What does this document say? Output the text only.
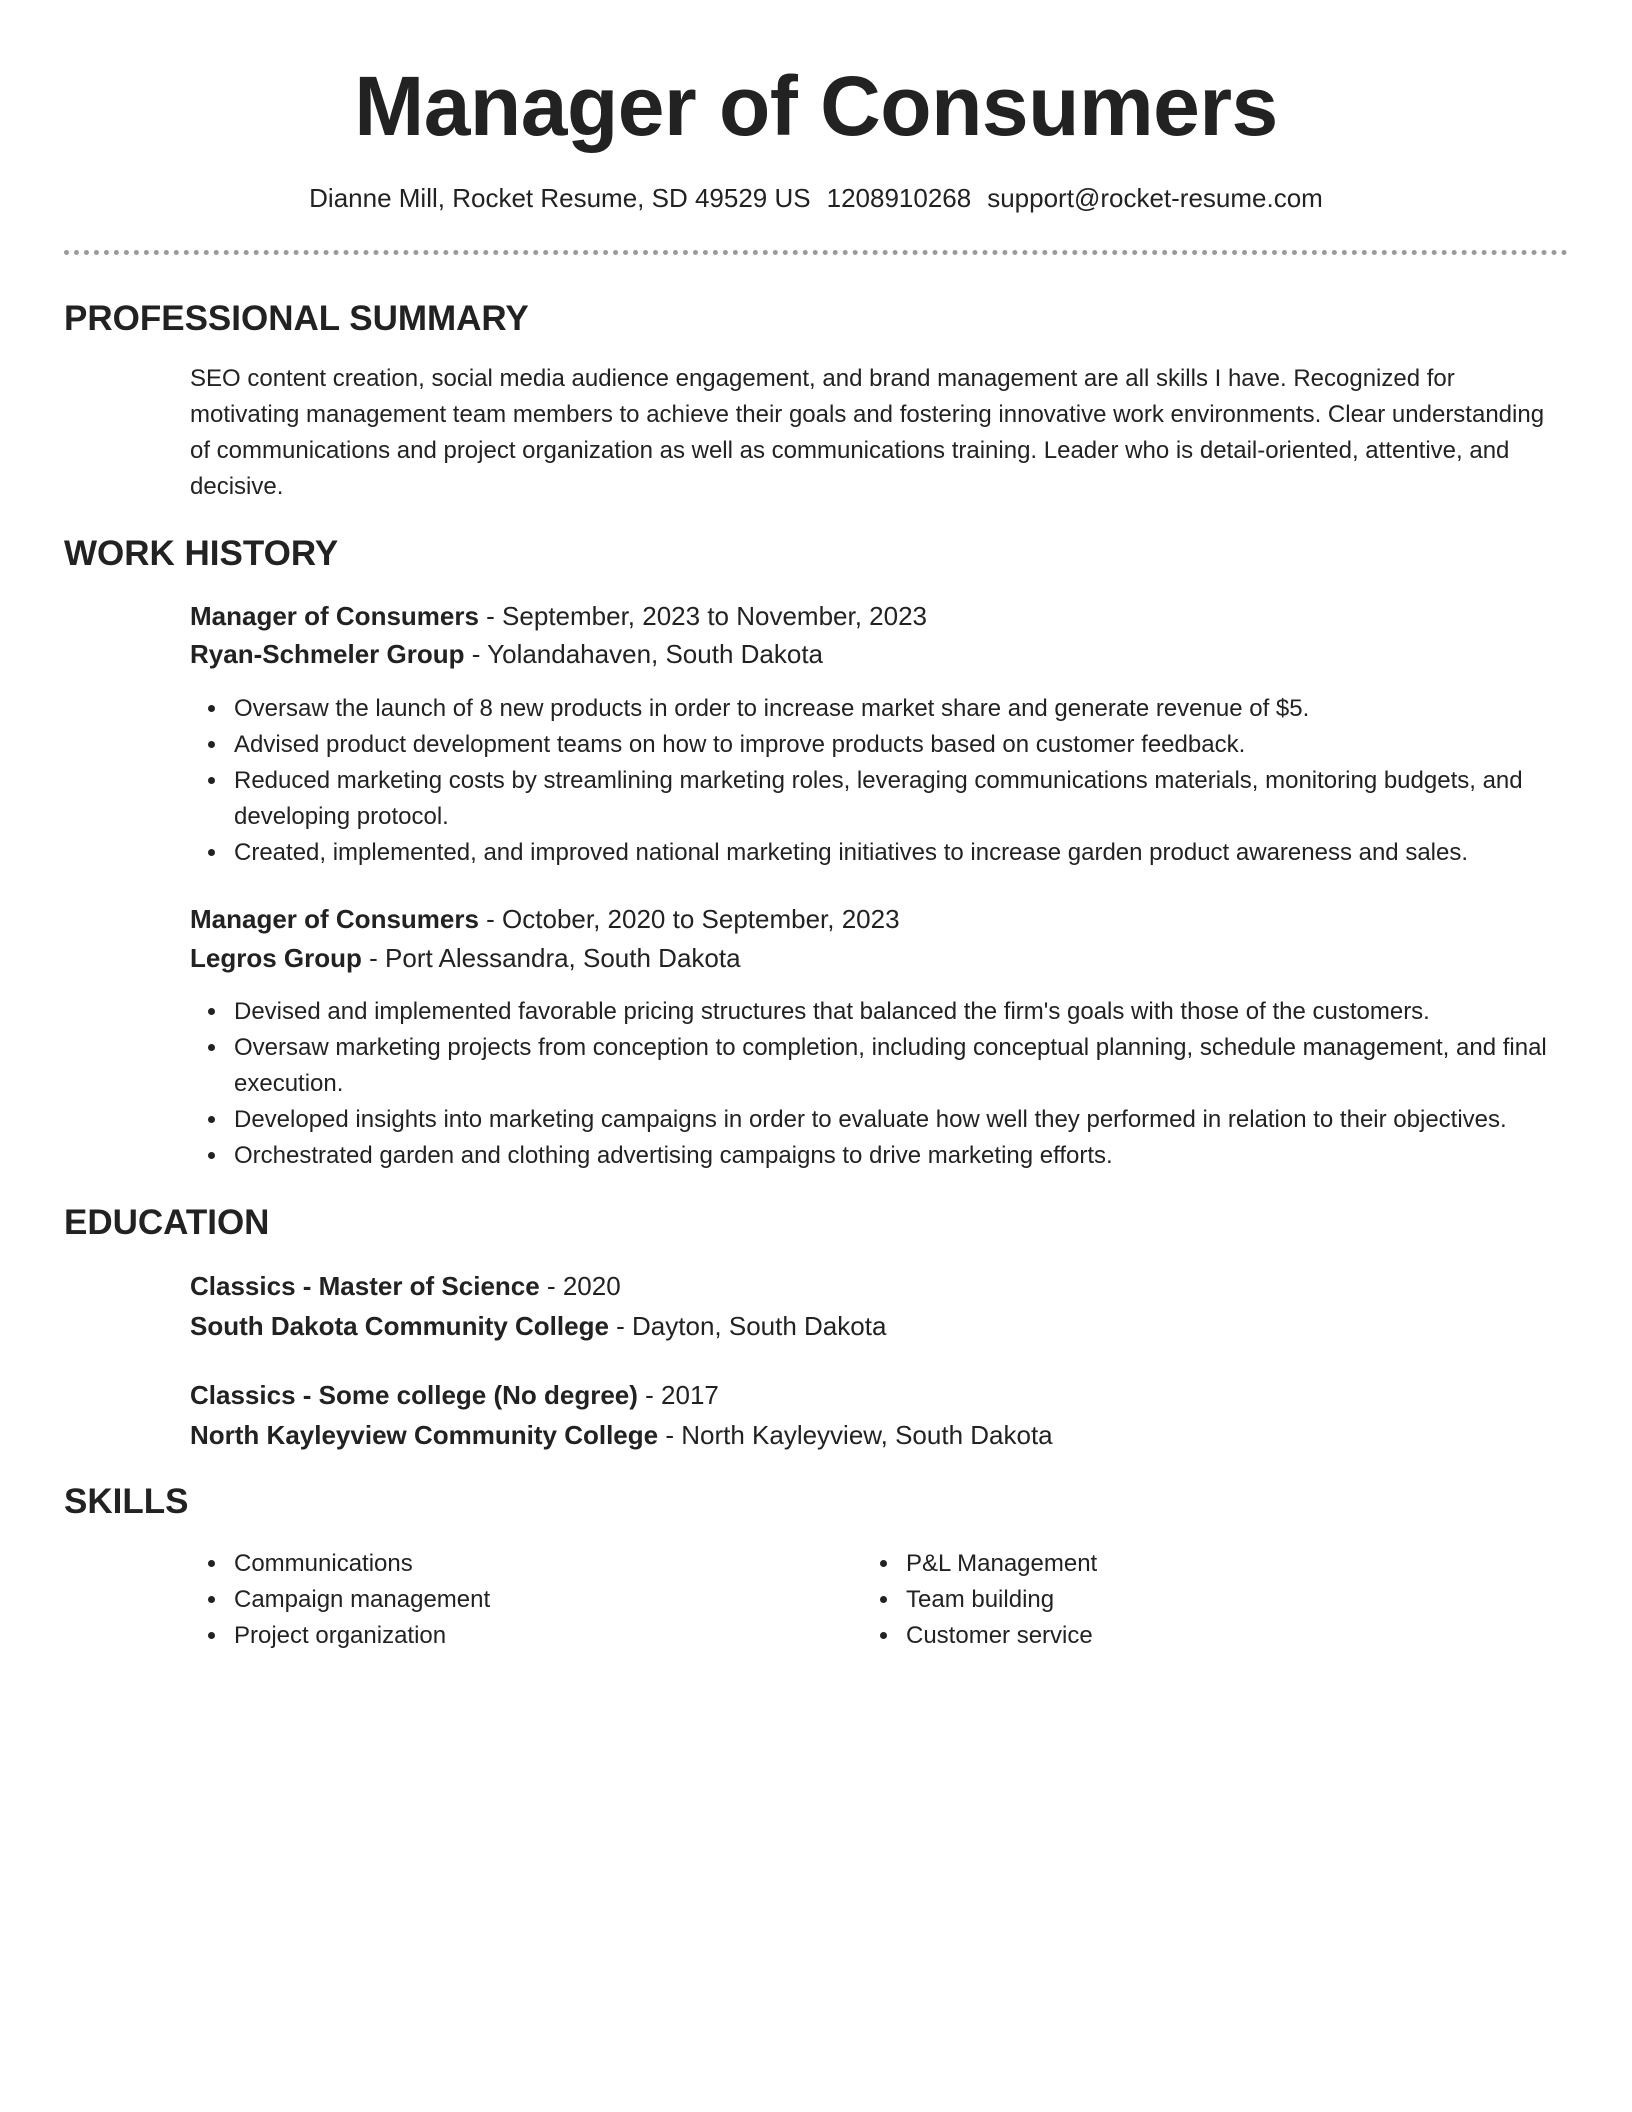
Manager of Consumers
Dianne Mill, Rocket Resume, SD 49529 US 1208910268 support@rocket-resume.com
PROFESSIONAL SUMMARY
SEO content creation, social media audience engagement, and brand management are all skills I have. Recognized for motivating management team members to achieve their goals and fostering innovative work environments. Clear understanding of communications and project organization as well as communications training. Leader who is detail-oriented, attentive, and decisive.
WORK HISTORY
Manager of Consumers - September, 2023 to November, 2023
Ryan-Schmeler Group - Yolandahaven, South Dakota
Oversaw the launch of 8 new products in order to increase market share and generate revenue of $5.
Advised product development teams on how to improve products based on customer feedback.
Reduced marketing costs by streamlining marketing roles, leveraging communications materials, monitoring budgets, and developing protocol.
Created, implemented, and improved national marketing initiatives to increase garden product awareness and sales.
Manager of Consumers - October, 2020 to September, 2023
Legros Group - Port Alessandra, South Dakota
Devised and implemented favorable pricing structures that balanced the firm's goals with those of the customers.
Oversaw marketing projects from conception to completion, including conceptual planning, schedule management, and final execution.
Developed insights into marketing campaigns in order to evaluate how well they performed in relation to their objectives.
Orchestrated garden and clothing advertising campaigns to drive marketing efforts.
EDUCATION
Classics - Master of Science - 2020
South Dakota Community College - Dayton, South Dakota
Classics - Some college (No degree) - 2017
North Kayleyview Community College - North Kayleyview, South Dakota
SKILLS
Communications
Campaign management
Project organization
P&L Management
Team building
Customer service
